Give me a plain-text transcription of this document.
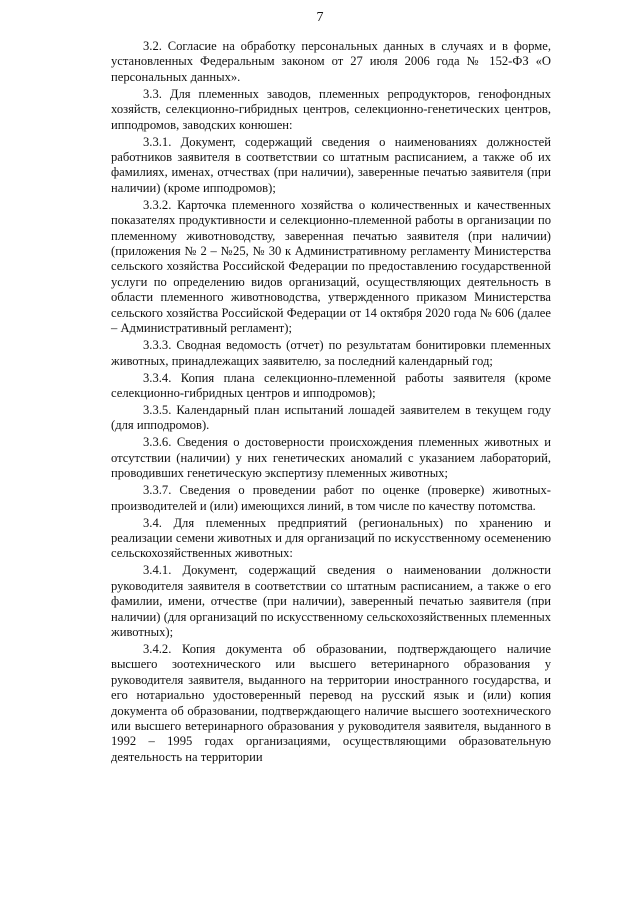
7

3.2. Согласие на обработку персональных данных в случаях и в форме, установленных Федеральным законом от 27 июля 2006 года № 152-ФЗ «О персональных данных».

3.3. Для племенных заводов, племенных репродукторов, генофондных хозяйств, селекционно-гибридных центров, селекционно-генетических центров, ипподромов, заводских конюшен:

3.3.1. Документ, содержащий сведения о наименованиях должностей работников заявителя в соответствии со штатным расписанием, а также об их фамилиях, именах, отчествах (при наличии), заверенные печатью заявителя (при наличии) (кроме ипподромов);

3.3.2. Карточка племенного хозяйства о количественных и качественных показателях продуктивности и селекционно-племенной работы в организации по племенному животноводству, заверенная печатью заявителя (при наличии) (приложения № 2 – №25, № 30 к Административному регламенту Министерства сельского хозяйства Российской Федерации по предоставлению государственной услуги по определению видов организаций, осуществляющих деятельность в области племенного животноводства, утвержденного приказом Министерства сельского хозяйства Российской Федерации от 14 октября 2020 года № 606 (далее – Административный регламент);

3.3.3. Сводная ведомость (отчет) по результатам бонитировки племенных животных, принадлежащих заявителю, за последний календарный год;

3.3.4. Копия плана селекционно-племенной работы заявителя (кроме селекционно-гибридных центров и ипподромов);

3.3.5. Календарный план испытаний лошадей заявителем в текущем году (для ипподромов).

3.3.6. Сведения о достоверности происхождения племенных животных и отсутствии (наличии) у них генетических аномалий с указанием лабораторий, проводивших генетическую экспертизу племенных животных;

3.3.7. Сведения о проведении работ по оценке (проверке) животных-производителей и (или) имеющихся линий, в том числе по качеству потомства.

3.4. Для племенных предприятий (региональных) по хранению и реализации семени животных и для организаций по искусственному осеменению сельскохозяйственных животных:

3.4.1. Документ, содержащий сведения о наименовании должности руководителя заявителя в соответствии со штатным расписанием, а также о его фамилии, имени, отчестве (при наличии), заверенный печатью заявителя (при наличии) (для организаций по искусственному сельскохозяйственных племенных животных);

3.4.2. Копия документа об образовании, подтверждающего наличие высшего зоотехнического или высшего ветеринарного образования у руководителя заявителя, выданного на территории иностранного государства, и его нотариально удостоверенный перевод на русский язык и (или) копия документа об образовании, подтверждающего наличие высшего зоотехнического или высшего ветеринарного образования у руководителя заявителя, выданного в 1992 – 1995 годах организациями, осуществляющими образовательную деятельность на территории
